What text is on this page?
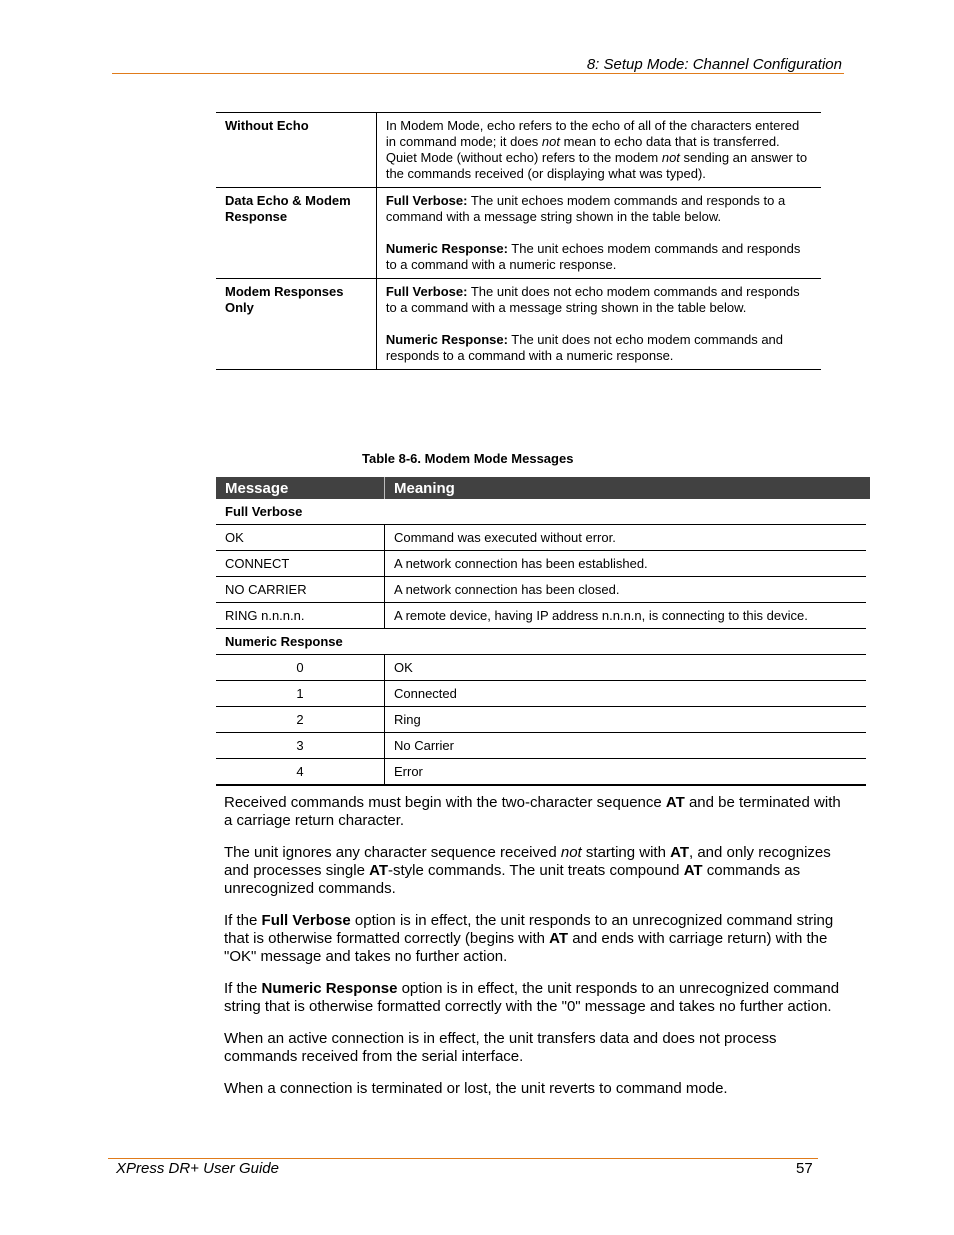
8: Setup Mode: Channel Configuration
Without Echo	In Modem Mode, echo refers to the echo of all of the characters entered in command mode; it does not mean to echo data that is transferred. Quiet Mode (without echo) refers to the modem not sending an answer to the commands received (or displaying what was typed).
Data Echo & Modem Response	Full Verbose: The unit echoes modem commands and responds to a command with a message string shown in the table below.
Numeric Response: The unit echoes modem commands and responds to a command with a numeric response.

Modem Responses Only	Full Verbose: The unit does not echo modem commands and responds to a command with a message string shown in the table below.
Numeric Response: The unit does not echo modem commands and responds to a command with a numeric response.
Table 8-6. Modem Mode Messages
Message	Meaning
Full Verbose	
OK	Command was executed without error.
CONNECT	A network connection has been established.
NO CARRIER	A network connection has been closed.
RING n.n.n.n.	A remote device, having IP address n.n.n.n, is connecting to this device.
Numeric Response	
0	OK
1	Connected
2	Ring
3	No Carrier
4	Error

Received commands must begin with the two-character sequence AT and be terminated with a carriage return character.

The unit ignores any character sequence received not starting with AT, and only recognizes and processes single AT-style commands. The unit treats compound AT commands as unrecognized commands.

If the Full Verbose option is in effect, the unit responds to an unrecognized command string that is otherwise formatted correctly (begins with AT and ends with carriage return) with the "OK" message and takes no further action.

If the Numeric Response option is in effect, the unit responds to an unrecognized command string that is otherwise formatted correctly with the "0" message and takes no further action.

When an active connection is in effect, the unit transfers data and does not process commands received from the serial interface.

When a connection is terminated or lost, the unit reverts to command mode.

XPress DR+ User Guide	57
